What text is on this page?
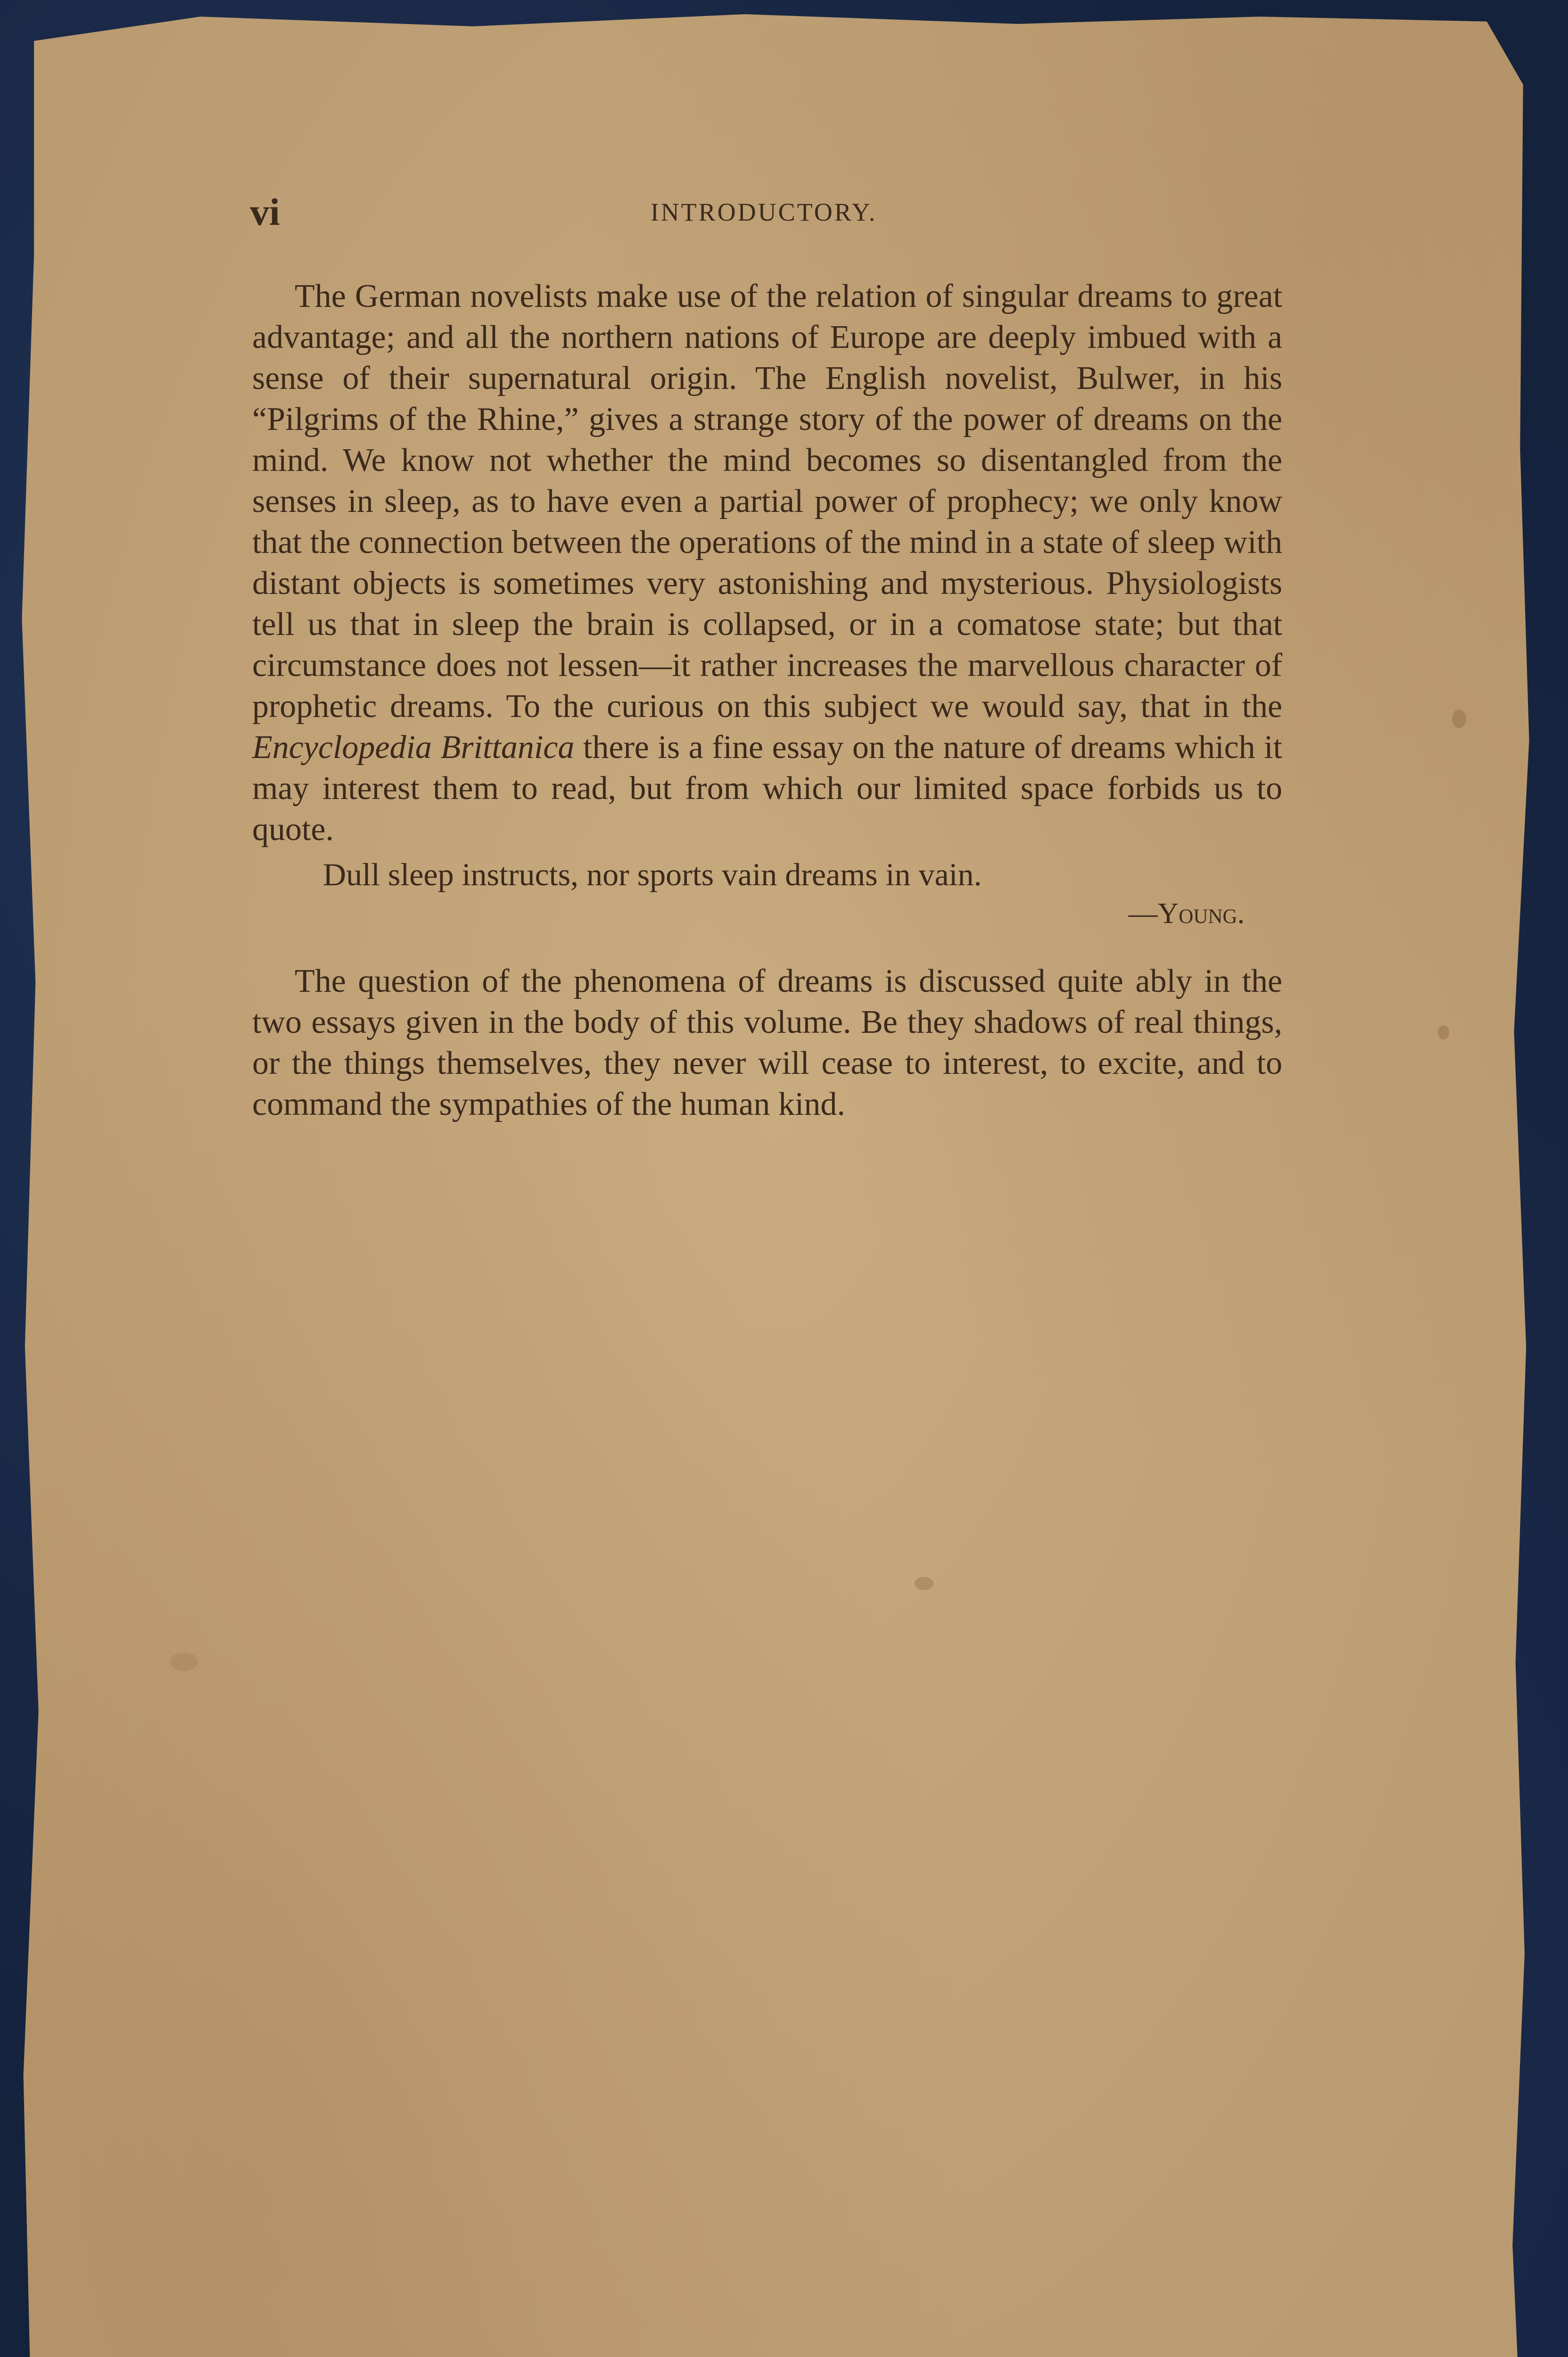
vi	INTRODUCTORY.

The German novelists make use of the relation of singular dreams to great advantage; and all the northern nations of Europe are deeply imbued with a sense of their supernatural origin. The English novelist, Bulwer, in his “Pilgrims of the Rhine,” gives a strange story of the power of dreams on the mind. We know not whether the mind becomes so disentangled from the senses in sleep, as to have even a partial power of prophecy; we only know that the connection between the operations of the mind in a state of sleep with distant objects is sometimes very astonishing and mysterious. Physiologists tell us that in sleep the brain is collapsed, or in a comatose state; but that circumstance does not lessen—it rather increases the marvellous character of prophetic dreams. To the curious on this subject we would say, that in the Encyclopedia Brittanica there is a fine essay on the nature of dreams which it may interest them to read, but from which our limited space forbids us to quote.

Dull sleep instructs, nor sports vain dreams in vain.
—Young.

The question of the phenomena of dreams is discussed quite ably in the two essays given in the body of this volume. Be they shadows of real things, or the things themselves, they never will cease to interest, to excite, and to command the sympathies of the human kind.
